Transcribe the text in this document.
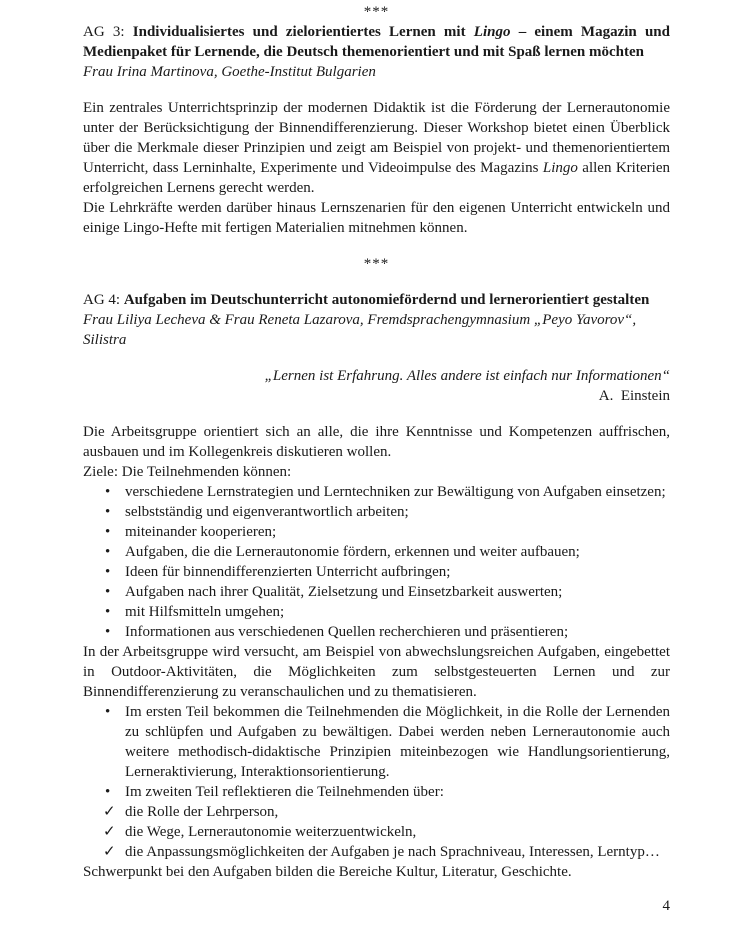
***
AG 3: Individualisiertes und zielorientiertes Lernen mit Lingo – einem Magazin und Medienpaket für Lernende, die Deutsch themenorientiert und mit Spaß lernen möchten

Frau Irina Martinova, Goethe-Institut Bulgarien

Ein zentrales Unterrichtsprinzip der modernen Didaktik ist die Förderung der Lernerautonomie unter der Berücksichtigung der Binnendifferenzierung. Dieser Workshop bietet einen Überblick über die Merkmale dieser Prinzipien und zeigt am Beispiel von projekt- und themenorientiertem Unterricht, dass Lerninhalte, Experimente und Videoimpulse des Magazins Lingo allen Kriterien erfolgreichen Lernens gerecht werden.

Die Lehrkräfte werden darüber hinaus Lernszenarien für den eigenen Unterricht entwickeln und einige Lingo-Hefte mit fertigen Materialien mitnehmen können.

***
AG 4: Aufgaben im Deutschunterricht autonomiefördernd und lernerorientiert gestalten

Frau Liliya Lecheva & Frau Reneta Lazarova, Fremdsprachengymnasium „Peyo Yavorov“,
Silistra

„Lernen ist Erfahrung. Alles andere ist einfach nur Informationen“

A.  Einstein

Die Arbeitsgruppe orientiert sich an alle, die ihre Kenntnisse und Kompetenzen auffrischen, ausbauen und im Kollegenkreis diskutieren wollen.

Ziele: Die Teilnehmenden können:

• verschiedene Lernstrategien und Lerntechniken zur Bewältigung von Aufgaben einsetzen;
• selbstständig und eigenverantwortlich arbeiten;
• miteinander kooperieren;
• Aufgaben, die die Lernerautonomie fördern, erkennen und weiter aufbauen;
• Ideen für binnendifferenzierten Unterricht aufbringen;
• Aufgaben nach ihrer Qualität, Zielsetzung und Einsetzbarkeit auswerten;
• mit Hilfsmitteln umgehen;
• Informationen aus verschiedenen Quellen recherchieren und präsentieren;

In der Arbeitsgruppe wird versucht, am Beispiel von abwechslungsreichen Aufgaben, eingebettet in Outdoor-Aktivitäten, die Möglichkeiten zum selbstgesteuerten Lernen und zur Binnendifferenzierung zu veranschaulichen und zu thematisieren.

• Im ersten Teil bekommen die Teilnehmenden die Möglichkeit, in die Rolle der Lernenden zu schlüpfen und Aufgaben zu bewältigen. Dabei werden neben Lernerautonomie auch weitere methodisch-didaktische Prinzipien miteinbezogen wie Handlungsorientierung, Lerneraktivierung, Interaktionsorientierung.
• Im zweiten Teil reflektieren die Teilnehmenden über:
✓ die Rolle der Lehrperson,
✓ die Wege, Lernerautonomie weiterzuentwickeln,
✓ die Anpassungsmöglichkeiten der Aufgaben je nach Sprachniveau, Interessen, Lerntyp…

Schwerpunkt bei den Aufgaben bilden die Bereiche Kultur, Literatur, Geschichte.

4
